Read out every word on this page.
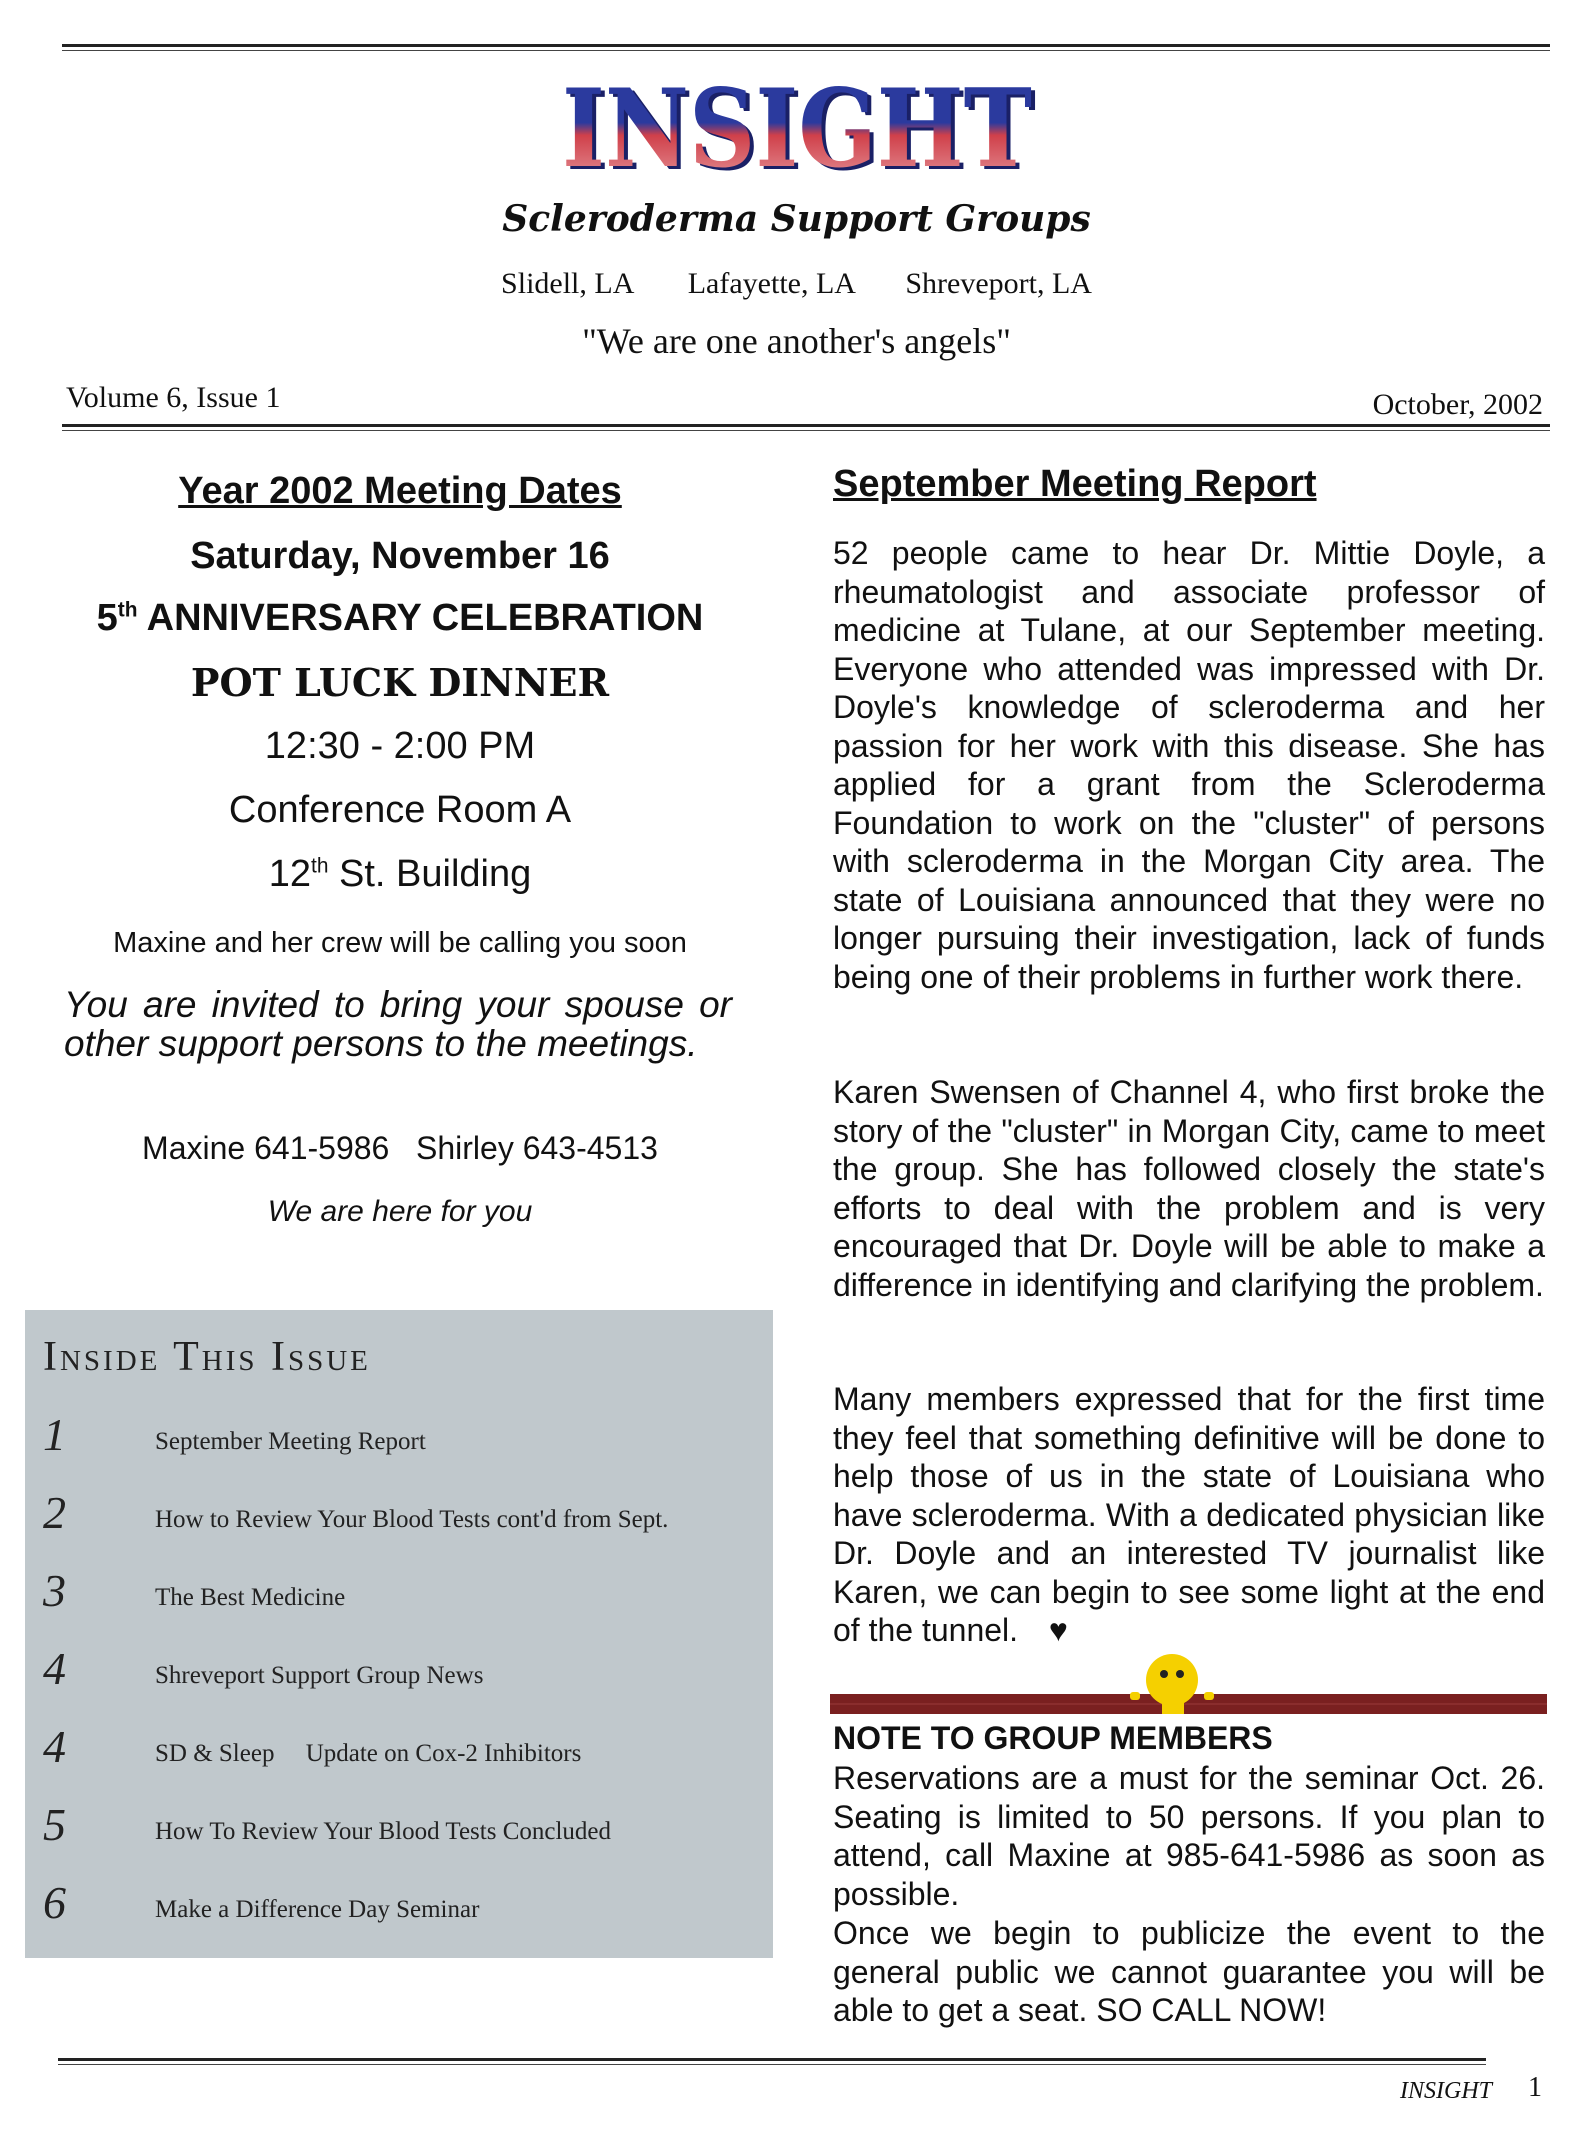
INSIGHT
INSIGHT
Scleroderma Support Groups
Slidell, LA Lafayette, LA Shreveport, LA
"We are one another's angels"
Volume 6, Issue 1	October, 2002
Year 2002 Meeting Dates
Saturday, November 16
5th ANNIVERSARY CELEBRATION
POT LUCK DINNER
12:30 - 2:00 PM
Conference Room A
12th St. Building
Maxine and her crew will be calling you soon
You are invited to bring your spouse or other support persons to the meetings.
Maxine 641-5986   Shirley 643-4513
We are here for you
Inside This Issue
1	September Meeting Report
2	How to Review Your Blood Tests cont'd from Sept.
3	The Best Medicine
4	Shreveport Support Group News
4	SD & Sleep     Update on Cox-2 Inhibitors
5	How To Review Your Blood Tests Concluded
6	Make a Difference Day Seminar
September Meeting Report
52 people came to hear Dr. Mittie Doyle, a rheumatologist and associate professor of medicine at Tulane, at our September meeting. Everyone who attended was impressed with Dr. Doyle's knowledge of scleroderma and her passion for her work with this disease. She has applied for a grant from the Scleroderma Foundation to work on the "cluster" of persons with scleroderma in the Morgan City area. The state of Louisiana announced that they were no longer pursuing their investigation, lack of funds being one of their problems in further work there.
Karen Swensen of Channel 4, who first broke the story of the "cluster" in Morgan City, came to meet the group. She has followed closely the state's efforts to deal with the problem and is very encouraged that Dr. Doyle will be able to make a difference in identifying and clarifying the problem.
Many members expressed that for the first time they feel that something definitive will be done to help those of us in the state of Louisiana who have scleroderma. With a dedicated physician like Dr. Doyle and an interested TV journalist like Karen, we can begin to see some light at the end of the tunnel. ♥
NOTE TO GROUP MEMBERS
Reservations are a must for the seminar Oct. 26. Seating is limited to 50 persons. If you plan to attend, call Maxine at 985-641-5986 as soon as possible.
Once we begin to publicize the event to the general public we cannot guarantee you will be able to get a seat. SO CALL NOW!
INSIGHT 1
